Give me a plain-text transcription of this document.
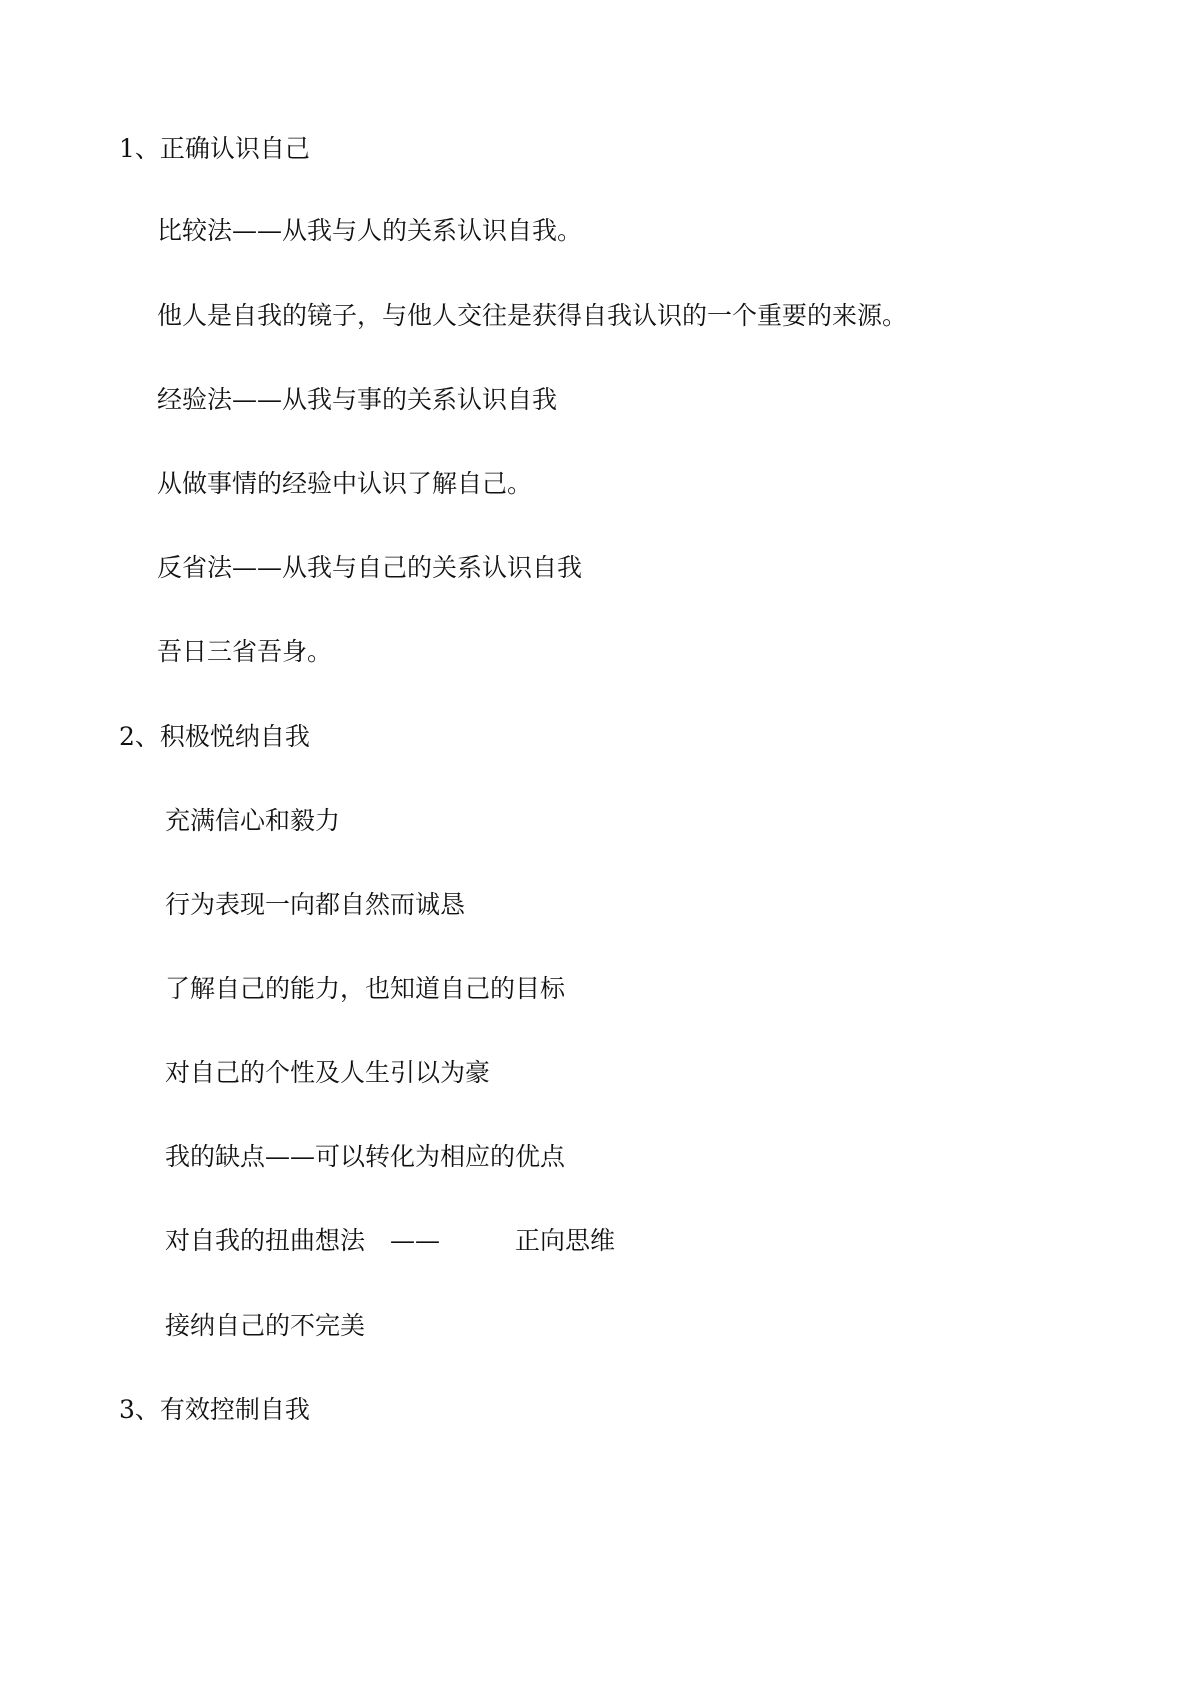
1、正确认识自己

比较法——从我与人的关系认识自我。

他人是自我的镜子，与他人交往是获得自我认识的一个重要的来源。

经验法——从我与事的关系认识自我

从做事情的经验中认识了解自己。

反省法——从我与自己的关系认识自我

吾日三省吾身。

2、积极悦纳自我

充满信心和毅力

行为表现一向都自然而诚恳

了解自己的能力，也知道自己的目标

对自己的个性及人生引以为豪

我的缺点——可以转化为相应的优点

对自我的扭曲想法　——　　　正向思维

接纳自己的不完美

3、有效控制自我
